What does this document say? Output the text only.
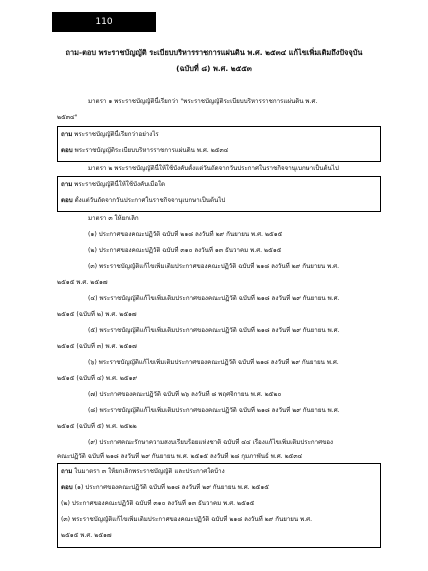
110
ถาม-ตอบ พระราชบัญญัติ ระเบียบบริหารราชการแผ่นดิน พ.ศ. ๒๕๓๔ แก้ไขเพิ่มเติมถึงปัจจุบัน
(ฉบับที่ ๘) พ.ศ. ๒๕๕๓
มาตรา ๑ พระราชบัญญัตินี้เรียกว่า "พระราชบัญญัติระเบียบบริหารราชการแผ่นดิน พ.ศ.
๒๕๓๔"
ถาม พระราชบัญญัตินี้เรียกว่าอย่างไร
ตอบ พระราชบัญญัติระเบียบบริหารราชการแผ่นดิน พ.ศ. ๒๕๓๔
มาตรา ๒ พระราชบัญญัตินี้ให้ใช้บังคับตั้งแต่วันถัดจากวันประกาศในราชกิจจานุเบกษาเป็นต้นไป
ถาม พระราชบัญญัตินี้ให้ใช้บังคับเมื่อใด
ตอบ ตั้งแต่วันถัดจากวันประกาศในราชกิจจานุเบกษาเป็นต้นไป
มาตรา ๓ ให้ยกเลิก
(๑) ประกาศของคณะปฏิวัติ ฉบับที่ ๒๑๘ ลงวันที่ ๒๙ กันยายน พ.ศ. ๒๕๑๕
(๒) ประกาศของคณะปฏิวัติ ฉบับที่ ๓๑๐ ลงวันที่ ๑๓ ธันวาคม พ.ศ. ๒๕๑๕
(๓) พระราชบัญญัติแก้ไขเพิ่มเติมประกาศของคณะปฏิวัติ ฉบับที่ ๒๑๘ ลงวันที่ ๒๙ กันยายน พ.ศ.
๒๕๑๕ พ.ศ. ๒๕๑๗
(๔) พระราชบัญญัติแก้ไขเพิ่มเติมประกาศของคณะปฏิวัติ ฉบับที่ ๒๑๘ ลงวันที่ ๒๙ กันยายน พ.ศ.
๒๕๑๕ (ฉบับที่ ๒) พ.ศ. ๒๕๑๗
(๕) พระราชบัญญัติแก้ไขเพิ่มเติมประกาศของคณะปฏิวัติ ฉบับที่ ๒๑๘ ลงวันที่ ๒๙ กันยายน พ.ศ.
๒๕๑๕ (ฉบับที่ ๓) พ.ศ. ๒๕๑๗
(๖) พระราชบัญญัติแก้ไขเพิ่มเติมประกาศของคณะปฏิวัติ ฉบับที่ ๒๑๘ ลงวันที่ ๒๙ กันยายน พ.ศ.
๒๕๑๕ (ฉบับที่ ๔) พ.ศ. ๒๕๑๙
(๗) ประกาศของคณะปฏิวัติ ฉบับที่ ๒๖ ลงวันที่ ๘ พฤศจิกายน พ.ศ. ๒๕๒๐
(๘) พระราชบัญญัติแก้ไขเพิ่มเติมประกาศของคณะปฏิวัติ ฉบับที่ ๒๑๘ ลงวันที่ ๒๙ กันยายน พ.ศ.
๒๕๑๕ (ฉบับที่ ๕) พ.ศ. ๒๕๒๒
(๙) ประกาศคณะรักษาความสงบเรียบร้อยแห่งชาติ ฉบับที่ ๔๔ เรื่องแก้ไขเพิ่มเติมประกาศของ
คณะปฏิวัติ ฉบับที่ ๒๑๘ ลงวันที่ ๒๙ กันยายน พ.ศ. ๒๕๑๕ ลงวันที่ ๒๘ กุมภาพันธ์ พ.ศ. ๒๕๓๔
ถาม ในมาตรา ๓ ให้ยกเลิกพระราชบัญญัติ และประกาศใดบ้าง
ตอบ (๑) ประกาศของคณะปฏิวัติ ฉบับที่ ๒๑๘ ลงวันที่ ๒๙ กันยายน พ.ศ. ๒๕๑๕
(๒) ประกาศของคณะปฏิวัติ ฉบับที่ ๓๑๐ ลงวันที่ ๑๓ ธันวาคม พ.ศ. ๒๕๑๕
(๓) พระราชบัญญัติแก้ไขเพิ่มเติมประกาศของคณะปฏิวัติ ฉบับที่ ๒๑๘ ลงวันที่ ๒๙ กันยายน พ.ศ.
๒๕๑๕ พ.ศ. ๒๕๑๗
